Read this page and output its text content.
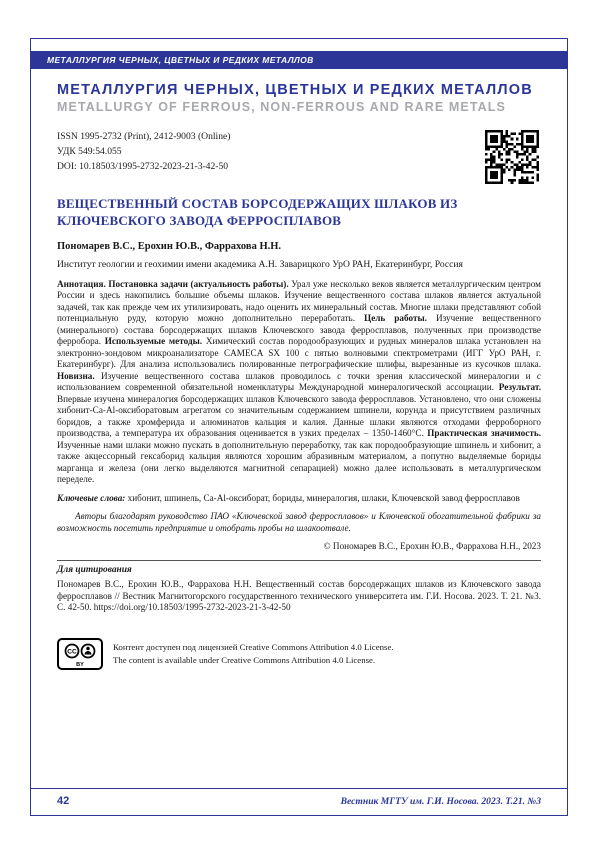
МЕТАЛЛУРГИЯ ЧЕРНЫХ, ЦВЕТНЫХ И РЕДКИХ МЕТАЛЛОВ
МЕТАЛЛУРГИЯ ЧЕРНЫХ, ЦВЕТНЫХ И РЕДКИХ МЕТАЛЛОВ
METALLURGY OF FERROUS, NON-FERROUS AND RARE METALS
ISSN 1995-2732 (Print), 2412-9003 (Online)
УДК 549:54.055
DOI: 10.18503/1995-2732-2023-21-3-42-50
ВЕЩЕСТВЕННЫЙ СОСТАВ БОРСОДЕРЖАЩИХ ШЛАКОВ ИЗ КЛЮЧЕВСКОГО ЗАВОДА ФЕРРОСПЛАВОВ
Пономарев В.С., Ерохин Ю.В., Фаррахова Н.Н.
Институт геологии и геохимии имени академика А.Н. Заварицкого УрО РАН, Екатеринбург, Россия

Аннотация. Постановка задачи (актуальность работы). Урал уже несколько веков является металлургическим центром России и здесь накопились большие объемы шлаков. Изучение вещественного состава шлаков является актуальной задачей, так как прежде чем их утилизировать, надо оценить их минеральный состав. Многие шлаки представляют собой потенциальную руду, которую можно дополнительно переработать. Цель работы. Изучение вещественного (минерального) состава борсодержащих шлаков Ключевского завода ферросплавов, полученных при производстве ферробора. Используемые методы. Химический состав породообразующих и рудных минералов шлака установлен на электронно-зондовом микроанализаторе CAMECA SX 100 с пятью волновыми спектрометрами (ИГГ УрО РАН, г. Екатеринбург). Для анализа использовались полированные петрографические шлифы, вырезанные из кусочков шлака. Новизна. Изучение вещественного состава шлаков проводилось с точки зрения классической минералогии и с использованием современной обязательной номенклатуры Международной минералогической ассоциации. Результат. Впервые изучена минералогия борсодержащих шлаков Ключевского завода ферросплавов. Установлено, что они сложены хибонит-Ca-Al-оксиборатовым агрегатом со значительным содержанием шпинели, корунда и присутствием различных боридов, а также хромферида и алюминатов кальция и калия. Данные шлаки являются отходами ферроборного производства, а температура их образования оценивается в узких пределах – 1350-1460°С. Практическая значимость. Изученные нами шлаки можно пускать в дополнительную переработку, так как породообразующие шпинель и хибонит, а также акцессорный гексаборид кальция являются хорошим абразивным материалом, а попутно выделяемые бориды марганца и железа (они легко выделяются магнитной сепарацией) можно далее использовать в металлургическом переделе.

Ключевые слова: хибонит, шпинель, Ca-Al-оксиборат, бориды, минералогия, шлаки, Ключевской завод ферросплавов

Авторы благодарят руководство ПАО «Ключевской завод ферросплавов» и Ключевской обогатительной фабрики за возможность посетить предприятие и отобрать пробы на шлакоотвале.

© Пономарев В.С., Ерохин Ю.В., Фаррахова Н.Н., 2023
Для цитирования

Пономарев В.С., Ерохин Ю.В., Фаррахова Н.Н. Вещественный состав борсодержащих шлаков из Ключевского завода ферросплавов // Вестник Магнитогорского государственного технического университета им. Г.И. Носова. 2023. Т. 21. №3. С. 42-50. https://doi.org/10.18503/1995-2732-2023-21-3-42-50

CC
BY
Контент доступен под лицензией Creative Commons Attribution 4.0 License.
The content is available under Creative Commons Attribution 4.0 License.
42	Вестник МГТУ им. Г.И. Носова. 2023. Т.21. №3
